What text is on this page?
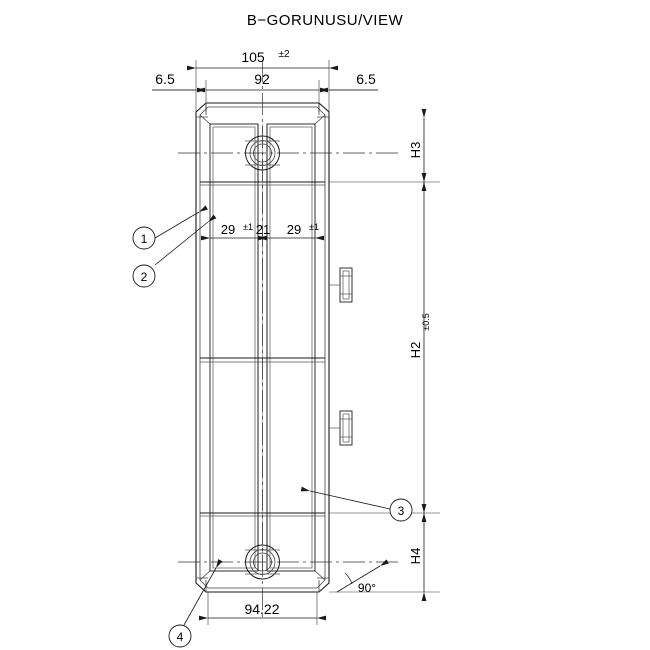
B−GORUNUSU/VIEW
1
2
3
4
105 ±2
92
6.5	6.5
29 ±1 21 29 ±1
94.22
90°
H3
H2
±0.5
H4
